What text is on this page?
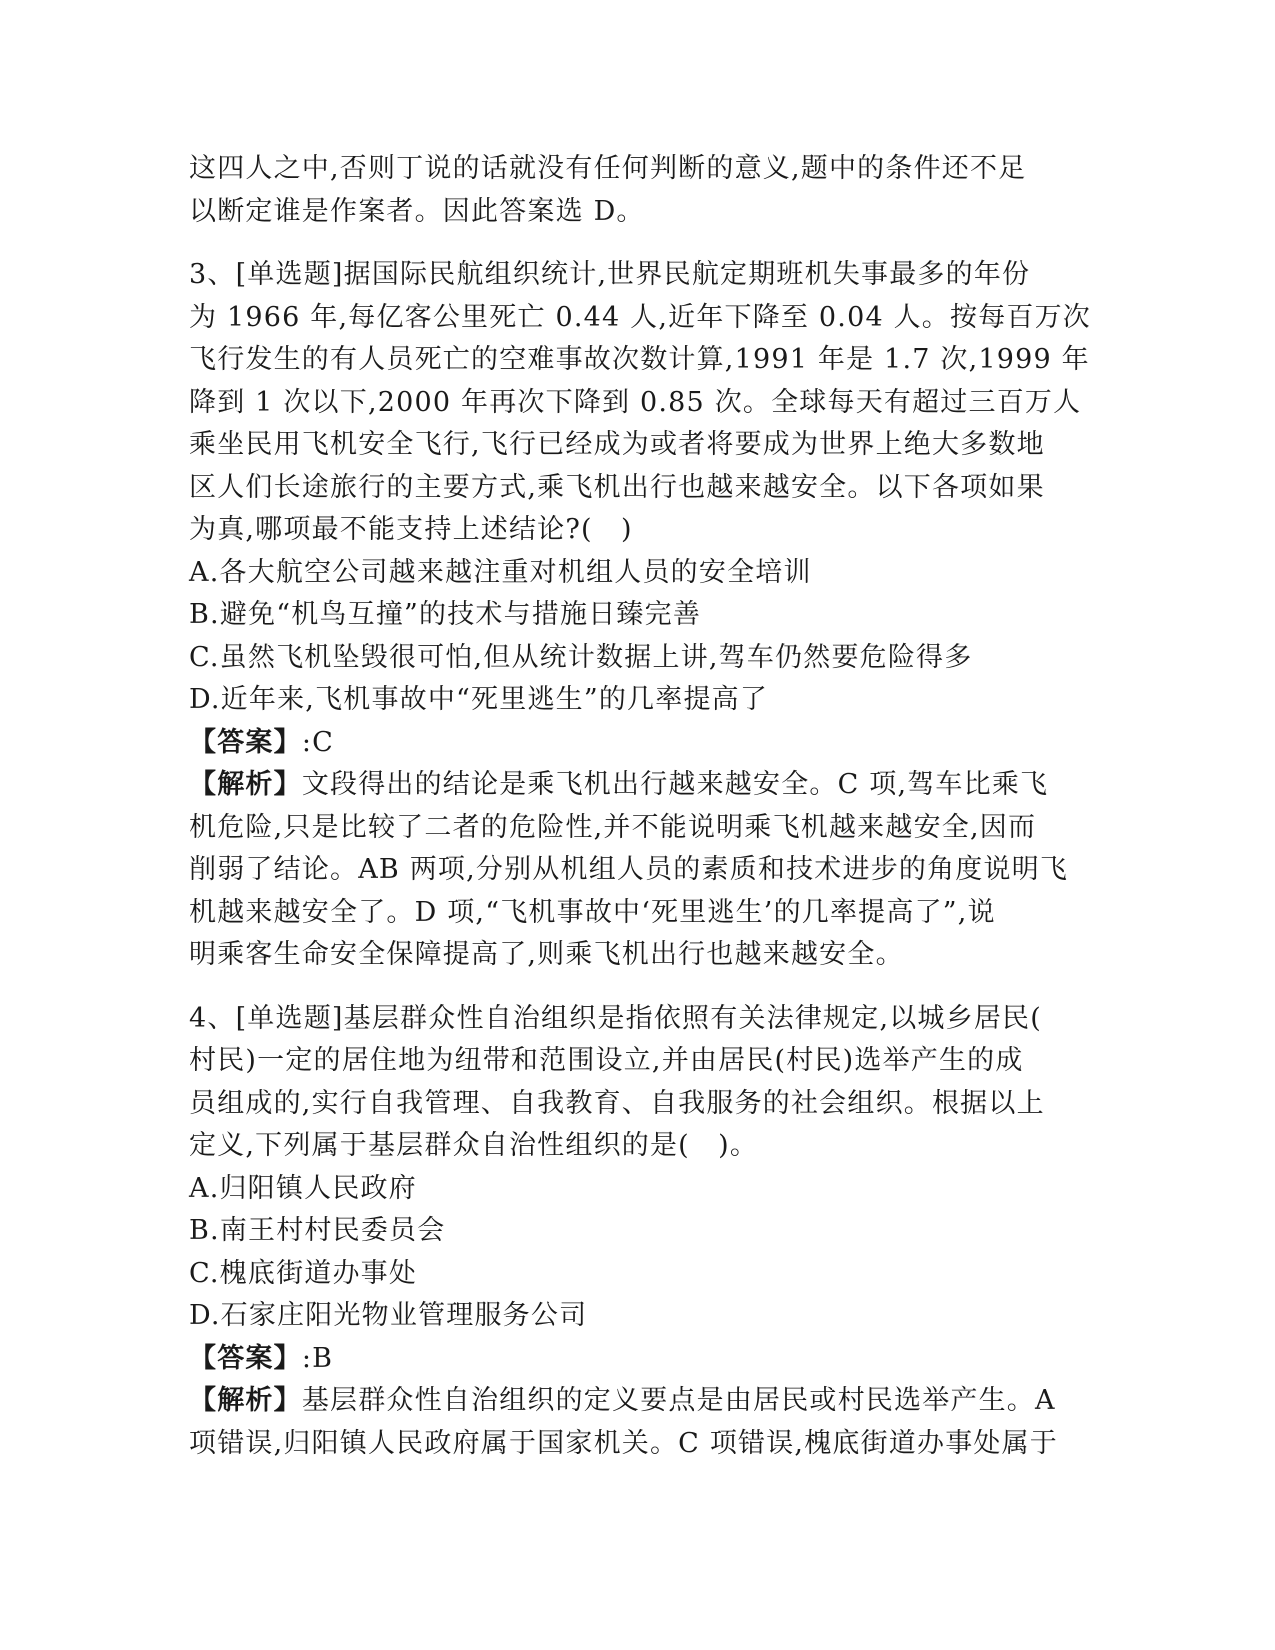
这四人之中,否则丁说的话就没有任何判断的意义,题中的条件还不足
以断定谁是作案者。因此答案选 D。
3、[单选题]据国际民航组织统计,世界民航定期班机失事最多的年份
为 1966 年,每亿客公里死亡 0.44 人,近年下降至 0.04 人。按每百万次
飞行发生的有人员死亡的空难事故次数计算,1991 年是 1.7 次,1999 年
降到 1 次以下,2000 年再次下降到 0.85 次。全球每天有超过三百万人
乘坐民用飞机安全飞行,飞行已经成为或者将要成为世界上绝大多数地
区人们长途旅行的主要方式,乘飞机出行也越来越安全。以下各项如果
为真,哪项最不能支持上述结论?(　)
A.各大航空公司越来越注重对机组人员的安全培训
B.避免“机鸟互撞”的技术与措施日臻完善
C.虽然飞机坠毁很可怕,但从统计数据上讲,驾车仍然要危险得多
D.近年来,飞机事故中“死里逃生”的几率提高了
【答案】:C
【解析】文段得出的结论是乘飞机出行越来越安全。C 项,驾车比乘飞
机危险,只是比较了二者的危险性,并不能说明乘飞机越来越安全,因而
削弱了结论。AB 两项,分别从机组人员的素质和技术进步的角度说明飞
机越来越安全了。D 项,“飞机事故中‘死里逃生’的几率提高了”,说
明乘客生命安全保障提高了,则乘飞机出行也越来越安全。
4、[单选题]基层群众性自治组织是指依照有关法律规定,以城乡居民(
村民)一定的居住地为纽带和范围设立,并由居民(村民)选举产生的成
员组成的,实行自我管理、自我教育、自我服务的社会组织。根据以上
定义,下列属于基层群众自治性组织的是(　)。
A.归阳镇人民政府
B.南王村村民委员会
C.槐底街道办事处
D.石家庄阳光物业管理服务公司
【答案】:B
【解析】基层群众性自治组织的定义要点是由居民或村民选举产生。A
项错误,归阳镇人民政府属于国家机关。C 项错误,槐底街道办事处属于
